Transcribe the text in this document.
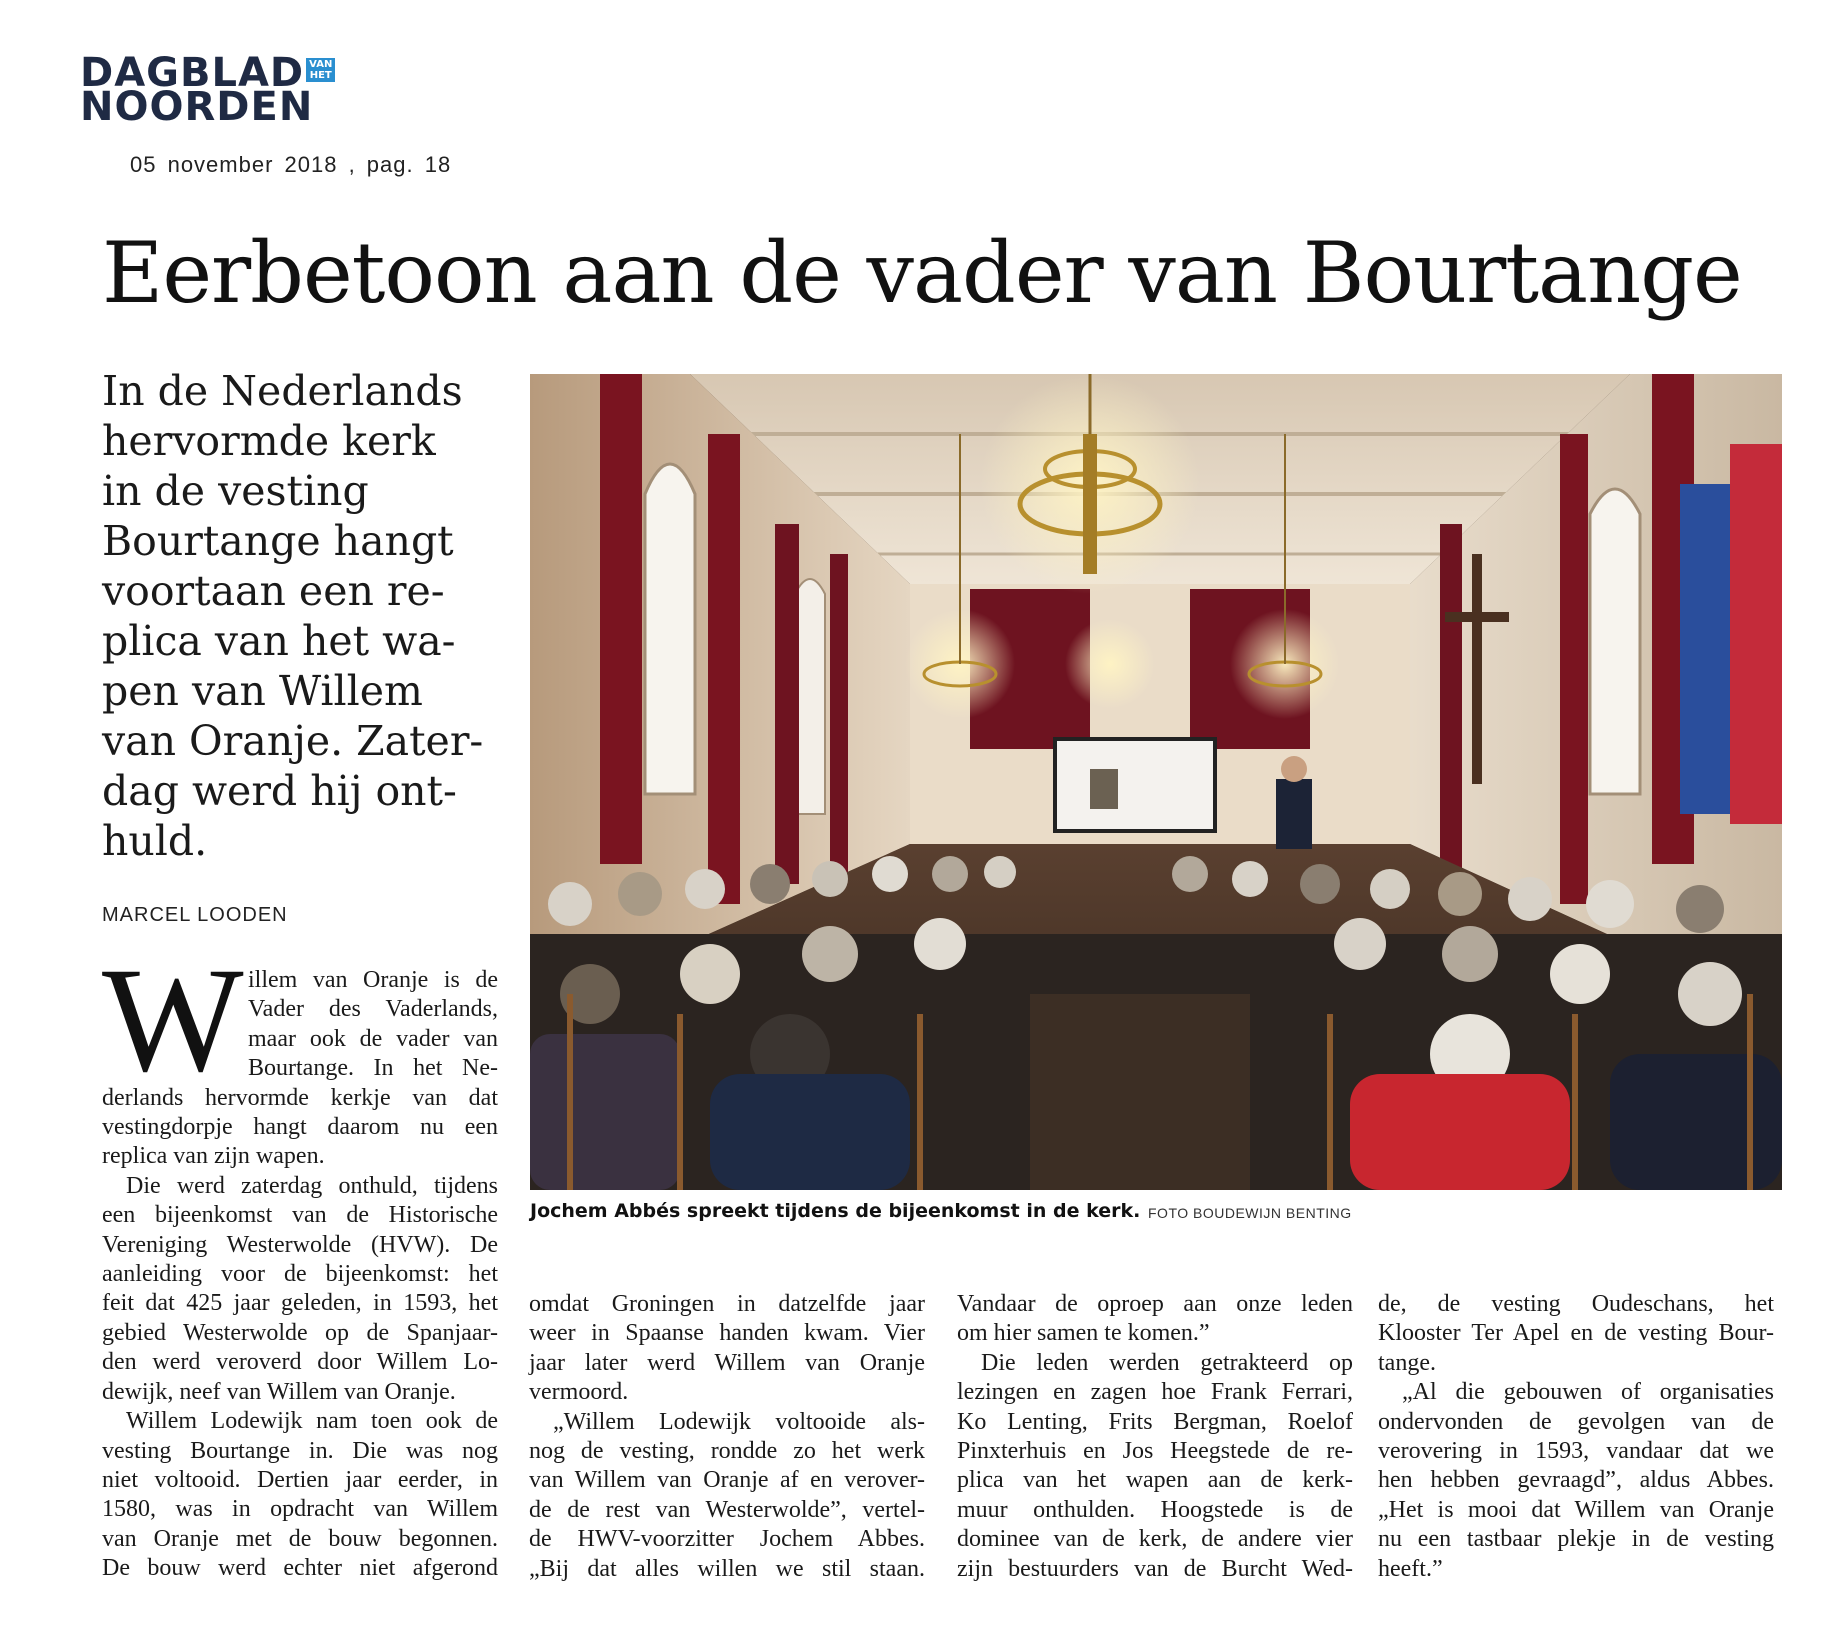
DAGBLAD VAN
HET
NOORDEN
05 november 2018 , pag. 18
Eerbetoon aan de vader van Bourtange
In de Nederlands
hervormde kerk
in de vesting
Bourtange hangt
voortaan een re-
plica van het wa-
pen van Willem
van Oranje. Zater-
dag werd hij ont-
huld.
MARCEL LOODEN
W illem van Oranje is de
Vader des Vaderlands,
maar ook de vader van
Bourtange. In het Ne-
derlands hervormde kerkje van dat
vestingdorpje hangt daarom nu een
replica van zijn wapen.
Die werd zaterdag onthuld, tijdens
een bijeenkomst van de Historische
Vereniging Westerwolde (HVW). De
aanleiding voor de bijeenkomst: het
feit dat 425 jaar geleden, in 1593, het
gebied Westerwolde op de Spanjaar-
den werd veroverd door Willem Lo-
dewijk, neef van Willem van Oranje.
Willem Lodewijk nam toen ook de
vesting Bourtange in. Die was nog
niet voltooid. Dertien jaar eerder, in
1580, was in opdracht van Willem
van Oranje met de bouw begonnen.
De bouw werd echter niet afgerond
Jochem Abbés spreekt tijdens de bijeenkomst in de kerk. FOTO BOUDEWIJN BENTING
omdat Groningen in datzelfde jaar
weer in Spaanse handen kwam. Vier
jaar later werd Willem van Oranje
vermoord.
„Willem Lodewijk voltooide als-
nog de vesting, rondde zo het werk
van Willem van Oranje af en verover-
de de rest van Westerwolde”, vertel-
de HWV-voorzitter Jochem Abbes.
„Bij dat alles willen we stil staan.
Vandaar de oproep aan onze leden
om hier samen te komen.”
Die leden werden getrakteerd op
lezingen en zagen hoe Frank Ferrari,
Ko Lenting, Frits Bergman, Roelof
Pinxterhuis en Jos Heegstede de re-
plica van het wapen aan de kerk-
muur onthulden. Hoogstede is de
dominee van de kerk, de andere vier
zijn bestuurders van de Burcht Wed-
de, de vesting Oudeschans, het
Klooster Ter Apel en de vesting Bour-
tange.
„Al die gebouwen of organisaties
ondervonden de gevolgen van de
verovering in 1593, vandaar dat we
hen hebben gevraagd”, aldus Abbes.
„Het is mooi dat Willem van Oranje
nu een tastbaar plekje in de vesting
heeft.”
